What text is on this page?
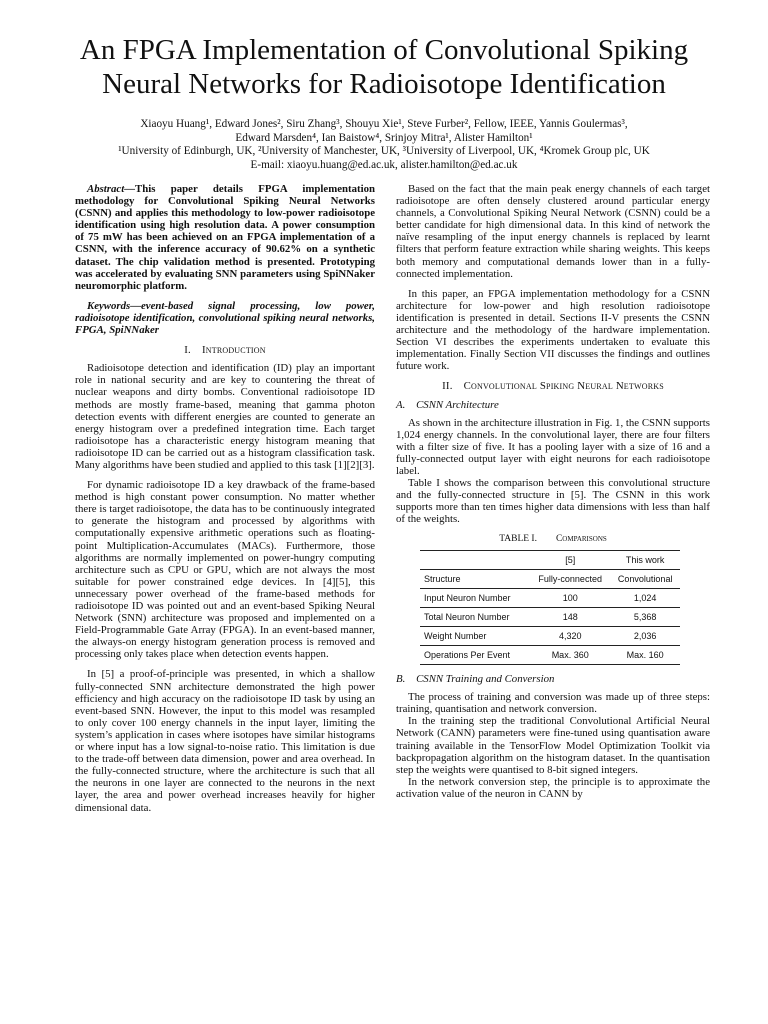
An FPGA Implementation of Convolutional Spiking Neural Networks for Radioisotope Identification

Xiaoyu Huang¹, Edward Jones², Siru Zhang³, Shouyu Xie¹, Steve Furber², Fellow, IEEE, Yannis Goulermas³,

Edward Marsden⁴, Ian Baistow⁴, Srinjoy Mitra¹, Alister Hamilton¹

¹University of Edinburgh, UK, ²University of Manchester, UK, ³University of Liverpool, UK, ⁴Kromek Group plc, UK

E-mail: xiaoyu.huang@ed.ac.uk, alister.hamilton@ed.ac.uk

Abstract—This paper details FPGA implementation methodology for Convolutional Spiking Neural Networks (CSNN) and applies this methodology to low-power radioisotope identification using high resolution data. A power consumption of 75 mW has been achieved on an FPGA implementation of a CSNN, with the inference accuracy of 90.62% on a synthetic dataset. The chip validation method is presented. Prototyping was accelerated by evaluating SNN parameters using SpiNNaker neuromorphic platform.

Keywords—event-based signal processing, low power, radioisotope identification, convolutional spiking neural networks, FPGA, SpiNNaker

I. Introduction

Radioisotope detection and identification (ID) play an important role in national security and are key to countering the threat of nuclear weapons and dirty bombs. Conventional radioisotope ID methods are mostly frame-based, meaning that gamma photon detection events with different energies are counted to generate an energy histogram over a predefined integration time. Each target radioisotope has a characteristic energy histogram meaning that radioisotope ID can be carried out as a histogram classification task. Many algorithms have been studied and applied to this task [1][2][3].

For dynamic radioisotope ID a key drawback of the frame-based method is high constant power consumption. No matter whether there is target radioisotope, the data has to be continuously integrated to generate the histogram and processed by algorithms with computationally expensive arithmetic operations such as floating-point Multiplication-Accumulates (MACs). Furthermore, those algorithms are normally implemented on power-hungry computing architecture such as CPU or GPU, which are not always the most suitable for power constrained edge devices. In [4][5], this unnecessary power overhead of the frame-based methods for radioisotope ID was pointed out and an event-based Spiking Neural Network (SNN) architecture was proposed and implemented on a Field-Programmable Gate Array (FPGA). In an event-based manner, the always-on energy histogram generation process is removed and processing only takes place when detection events happen.

In [5] a proof-of-principle was presented, in which a shallow fully-connected SNN architecture demonstrated the high power efficiency and high accuracy on the radioisotope ID task by using an event-based SNN. However, the input to this model was resampled to only cover 100 energy channels in the input layer, limiting the system’s application in cases where isotopes have similar histograms or where input has a low signal-to-noise ratio. This limitation is due to the trade-off between data dimension, power and area overhead. In the fully-connected structure, where the architecture is such that all the neurons in one layer are connected to the neurons in the next layer, the area and power overhead increases heavily for higher dimensional data.

Based on the fact that the main peak energy channels of each target radioisotope are often densely clustered around particular energy channels, a Convolutional Spiking Neural Network (CSNN) could be a better candidate for high dimensional data. In this kind of network the naïve resampling of the input energy channels is replaced by learnt filters that perform feature extraction while sharing weights. This keeps both memory and computational demands lower than in a fully-connected implementation.

In this paper, an FPGA implementation methodology for a CSNN architecture for low-power and high resolution radioisotope identification is presented in detail. Sections II-V presents the CSNN architecture and the methodology of the hardware implementation. Section VI describes the experiments undertaken to evaluate this implementation. Finally Section VII discusses the findings and outlines future work.

II. Convolutional Spiking Neural Networks
A. CSNN Architecture

As shown in the architecture illustration in Fig. 1, the CSNN supports 1,024 energy channels. In the convolutional layer, there are four filters with a filter size of five. It has a pooling layer with a size of 16 and a fully-connected output layer with eight neurons for each radioisotope label.

Table I shows the comparison between this convolutional structure and the fully-connected structure in [5]. The CSNN in this work supports more than ten times higher data dimensions with less than half of the weights.

TABLE I.  Comparisons
	[5]	This work
Structure	Fully-connected	Convolutional
Input Neuron Number	100	1,024
Total Neuron Number	148	5,368
Weight Number	4,320	2,036
Operations Per Event	Max. 360	Max. 160
B. CSNN Training and Conversion

The process of training and conversion was made up of three steps: training, quantisation and network conversion.

In the training step the traditional Convolutional Artificial Neural Network (CANN) parameters were fine-tuned using quantisation aware training available in the TensorFlow Model Optimization Toolkit via backpropagation algorithm on the histogram dataset. In the quantisation step the weights were quantised to 8-bit signed integers.

In the network conversion step, the principle is to approximate the activation value of the neuron in CANN by
